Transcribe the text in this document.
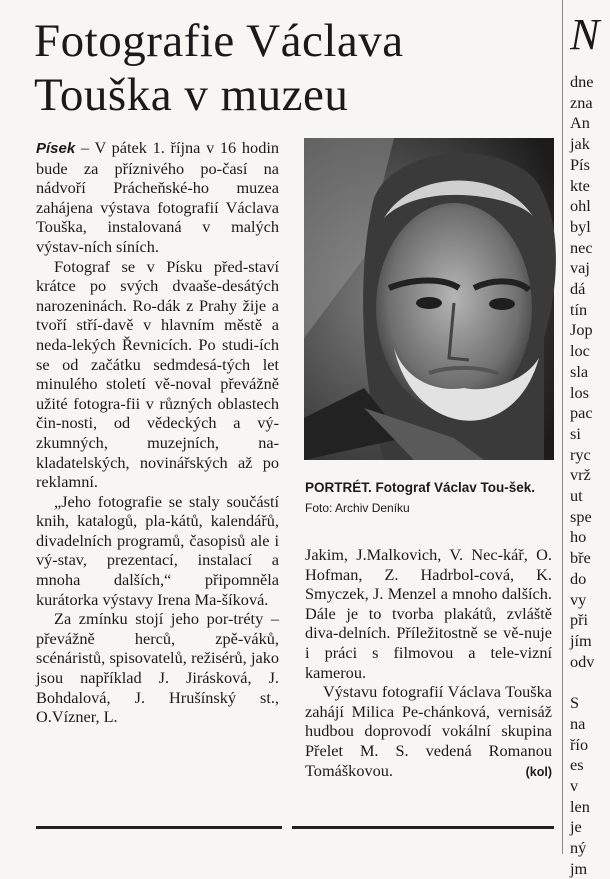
Fotografie Václava
Touška v muzeu

Písek – V pátek 1. října v 16 hodin bude za příznivého po-časí na nádvoří Prácheňské-ho muzea zahájena výstava fotografií Václava Touška, instalovaná v malých výstav-ních síních.

Fotograf se v Písku před-staví krátce po svých dvaaše-desátých narozeninách. Ro-dák z Prahy žije a tvoří stří-davě v hlavním městě a neda-lekých Řevnicích. Po studi-ích se od začátku sedmdesá-tých let minulého století vě-noval převážně užité fotogra-fii v různých oblastech čin-nosti, od vědeckých a vý-zkumných, muzejních, na-kladatelských, novinářských až po reklamní.

„Jeho fotografie se staly součástí knih, katalogů, pla-kátů, kalendářů, divadelních programů, časopisů ale i vý-stav, prezentací, instalací a mnoha dalších,“ připomněla kurátorka výstavy Irena Ma-šíková.

Za zmínku stojí jeho por-tréty – převážně herců, zpě-váků, scénáristů, spisovatelů, režisérů, jako jsou například J. Jirásková, J. Bohdalová, J. Hrušínský st., O.Vízner, L.

PORTRÉT. Fotograf Václav Tou-šek. Foto: Archiv Deníku

Jakim, J.Malkovich, V. Nec-kář, O. Hofman, Z. Hadrbol-cová, K. Smyczek, J. Menzel a mnoho dalších. Dále je to tvorba plakátů, zvláště diva-delních. Příležitostně se vě-nuje i práci s filmovou a tele-vizní kamerou.

Výstavu fotografií Václava Touška zahájí Milica Pe-chánková, vernisáž hudbou doprovodí vokální skupina Přelet M. S. vedená Romanou Tomáškovou.	(kol)

N
dne
zna
An
jak
Pís
kte
ohl
byl
nec
vaj
dá
tín
Jop
loc
sla
los
pac
si
ryc
vrž
ut
spe
ho
bře
do
vy
při
jím
odv

S
na
řío
es
v
len
je
ný
jm
